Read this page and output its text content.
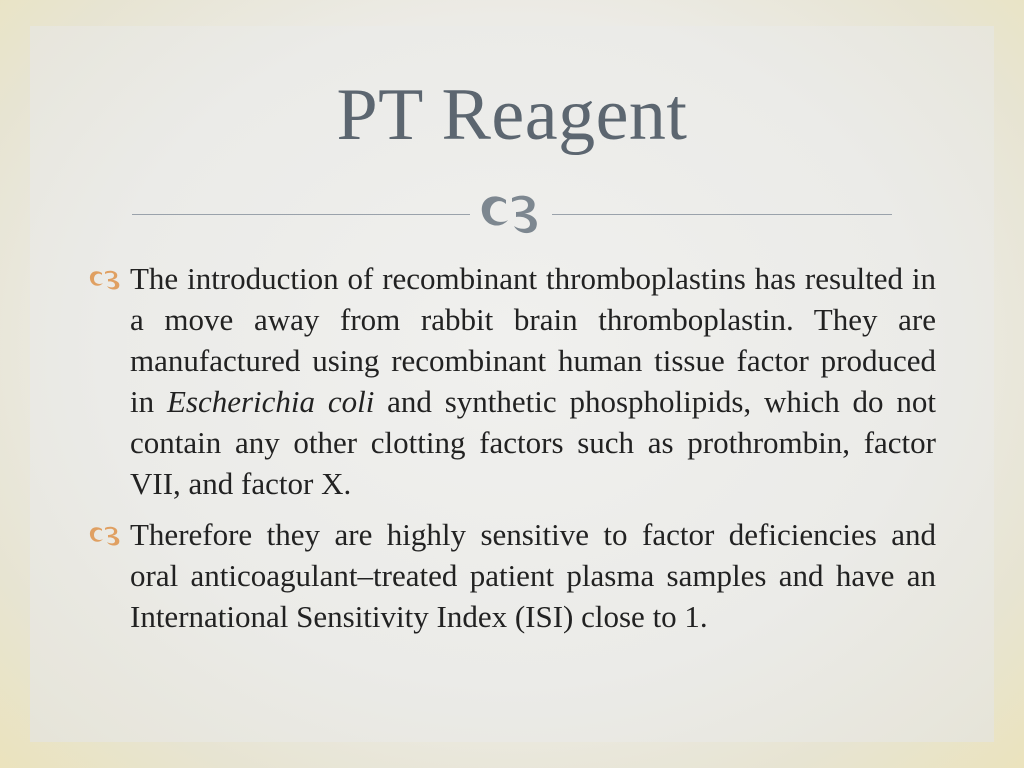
PT Reagent
The introduction of recombinant thromboplastins has resulted in a move away from rabbit brain thromboplastin. They are manufactured using recombinant human tissue factor produced in Escherichia coli and synthetic phospholipids, which do not contain any other clotting factors such as prothrombin, factor VII, and factor X.
Therefore they are highly sensitive to factor deficiencies and oral anticoagulant–treated patient plasma samples and have an International Sensitivity Index (ISI) close to 1.
